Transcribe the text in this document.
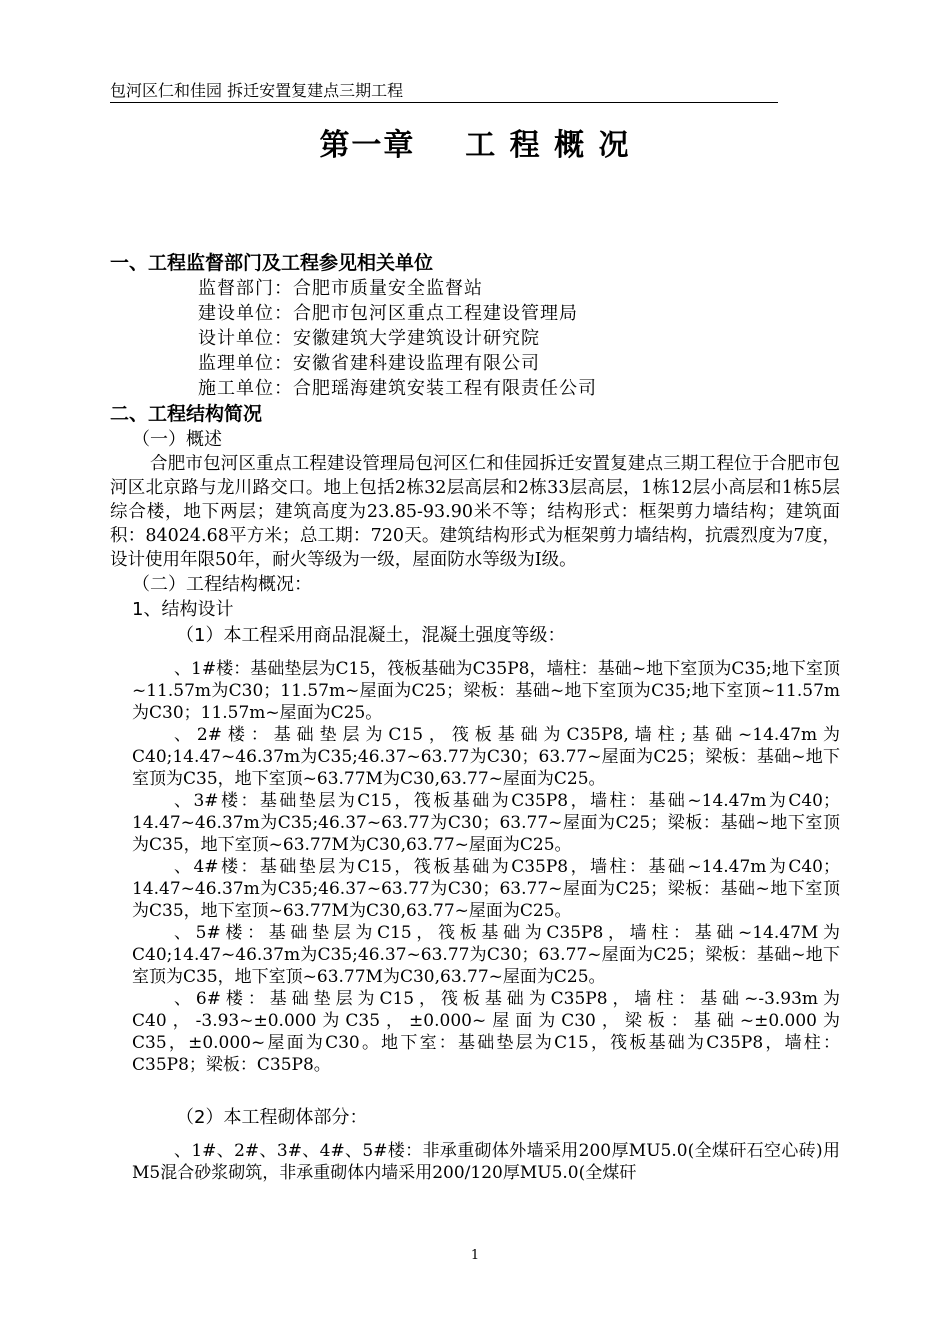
包河区仁和佳园 拆迁安置复建点三期工程
第一章    工 程 概 况
一、工程监督部门及工程参见相关单位
监督部门：合肥市质量安全监督站
建设单位：合肥市包河区重点工程建设管理局
设计单位：安徽建筑大学建筑设计研究院
监理单位：安徽省建科建设监理有限公司
施工单位：合肥瑶海建筑安装工程有限责任公司
二、工程结构简况
（一）概述
合肥市包河区重点工程建设管理局包河区仁和佳园拆迁安置复建点三期工程位于合肥市包河区北京路与龙川路交口。地上包括2栋32层高层和2栋33层高层，1栋12层小高层和1栋5层综合楼，地下两层；建筑高度为23.85-93.90米不等；结构形式：框架剪力墙结构；建筑面积：84024.68平方米；总工期：720天。建筑结构形式为框架剪力墙结构，抗震烈度为7度，设计使用年限50年，耐火等级为一级，屋面防水等级为Ⅰ级。
（二）工程结构概况：
1、结构设计
（1）本工程采用商品混凝土，混凝土强度等级：
、1#楼：基础垫层为C15，筏板基础为C35P8，墙柱：基础~地下室顶为C35;地下室顶~11.57m为C30；11.57m~屋面为C25；梁板：基础~地下室顶为C35;地下室顶~11.57m为C30；11.57m~屋面为C25。
、2#楼：基础垫层为C15，筏板基础为C35P8,墙柱;基础~14.47m为C40;14.47~46.37m为C35;46.37~63.77为C30；63.77~屋面为C25；梁板：基础~地下室顶为C35，地下室顶~63.77M为C30,63.77~屋面为C25。
、3#楼：基础垫层为C15，筏板基础为C35P8，墙柱：基础~14.47m为C40；14.47~46.37m为C35;46.37~63.77为C30；63.77~屋面为C25；梁板：基础~地下室顶为C35，地下室顶~63.77M为C30,63.77~屋面为C25。
、4#楼：基础垫层为C15，筏板基础为C35P8，墙柱：基础~14.47m为C40；14.47~46.37m为C35;46.37~63.77为C30；63.77~屋面为C25；梁板：基础~地下室顶为C35，地下室顶~63.77M为C30,63.77~屋面为C25。
、5#楼：基础垫层为C15，筏板基础为C35P8，墙柱：基础~14.47M为C40;14.47~46.37m为C35;46.37~63.77为C30；63.77~屋面为C25；梁板：基础~地下室顶为C35，地下室顶~63.77M为C30,63.77~屋面为C25。
、6#楼：基础垫层为C15，筏板基础为C35P8，墙柱：基础~-3.93m为C40，-3.93~±0.000为C35，±0.000~屋面为C30，梁板：基础~±0.000为C35，±0.000~屋面为C30。地下室：基础垫层为C15，筏板基础为C35P8，墙柱：C35P8；梁板：C35P8。
（2）本工程砌体部分：
、1#、2#、3#、4#、5#楼：非承重砌体外墙采用200厚MU5.0(全煤矸石空心砖)用M5混合砂浆砌筑，非承重砌体内墙采用200/120厚MU5.0(全煤矸
1
